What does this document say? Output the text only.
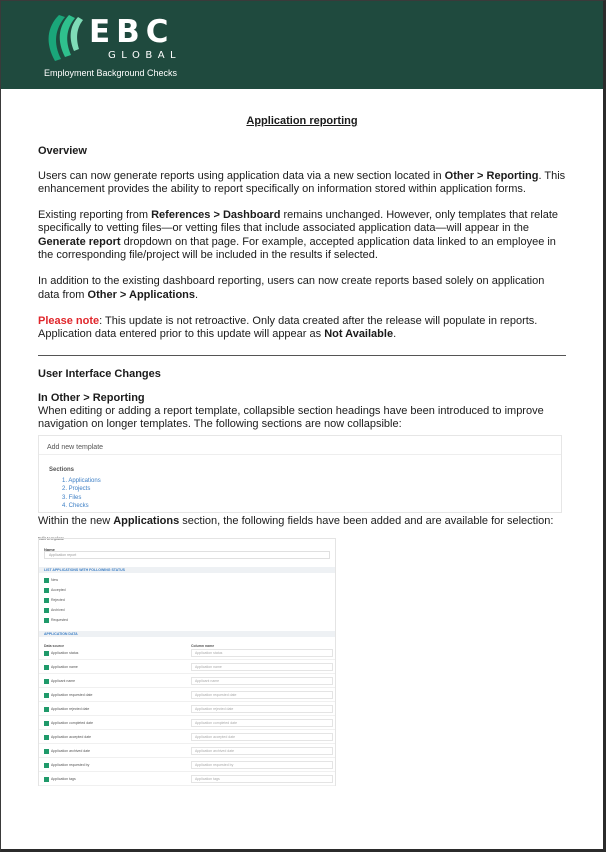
EBC
GLOBAL
Employment Background Checks
Application reporting
Overview
Users can now generate reports using application data via a new section located in Other > Reporting. This enhancement provides the ability to report specifically on information stored within application forms.
Existing reporting from References > Dashboard remains unchanged. However, only templates that relate specifically to vetting files—or vetting files that include associated application data—will appear in the Generate report dropdown on that page. For example, accepted application data linked to an employee in the corresponding file/project will be included in the results if selected.
In addition to the existing dashboard reporting, users can now create reports based solely on application data from Other > Applications.
Please note: This update is not retroactive. Only data created after the release will populate in reports. Application data entered prior to this update will appear as Not Available.
User Interface Changes
In Other > Reporting
When editing or adding a report template, collapsible section headings have been introduced to improve navigation on longer templates. The following sections are now collapsible:
Add new template
Sections
1. Applications
2. Projects
3. Files
4. Checks
Within the new Applications section, the following fields have been added and are available for selection:
Edit template
Name
Application report
LIST APPLICATIONS WITH FOLLOWING STATUS
New
Accepted
Rejected
Archived
Requested
APPLICATION DATA
Data source	Column name
Application status	Application status
Application name	Application name
Applicant name	Applicant name
Application requested date	Application requested date
Application rejected date	Application rejected date
Application completed date	Application completed date
Application accepted date	Application accepted date
Application archived date	Application archived date
Application requested by	Application requested by
Application tags	Application tags
